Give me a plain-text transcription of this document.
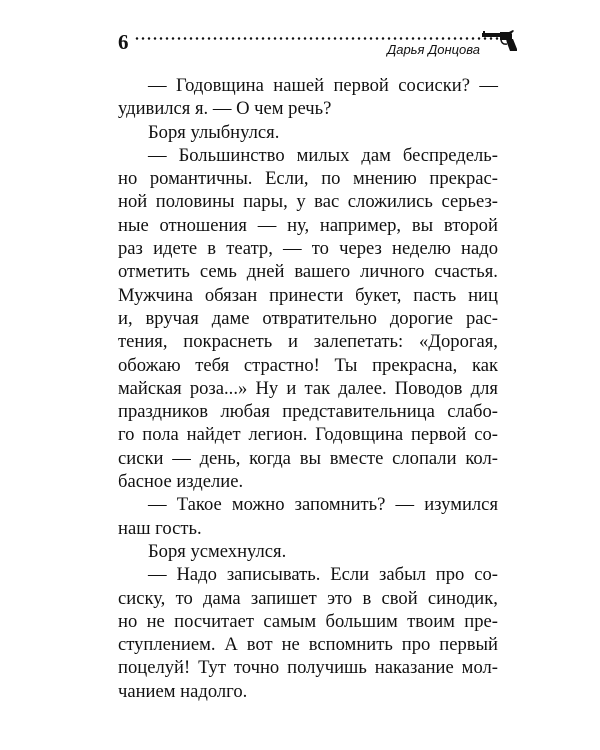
6	Дарья Донцова
— Годовщина нашей первой сосиски? —
удивился я. — О чем речь?
Боря улыбнулся.
— Большинство милых дам беспредель-
но романтичны. Если, по мнению прекрас-
ной половины пары, у вас сложились серьез-
ные отношения — ну, например, вы второй
раз идете в театр, — то через неделю надо
отметить семь дней вашего личного счастья.
Мужчина обязан принести букет, пасть ниц
и, вручая даме отвратительно дорогие рас-
тения, покраснеть и залепетать: «Дорогая,
обожаю тебя страстно! Ты прекрасна, как
майская роза...» Ну и так далее. Поводов для
праздников любая представительница слабо-
го пола найдет легион. Годовщина первой со-
сиски — день, когда вы вместе слопали кол-
басное изделие.
— Такое можно запомнить? — изумился
наш гость.
Боря усмехнулся.
— Надо записывать. Если забыл про со-
сиску, то дама запишет это в свой синодик,
но не посчитает самым большим твоим пре-
ступлением. А вот не вспомнить про первый
поцелуй! Тут точно получишь наказание мол-
чанием надолго.
